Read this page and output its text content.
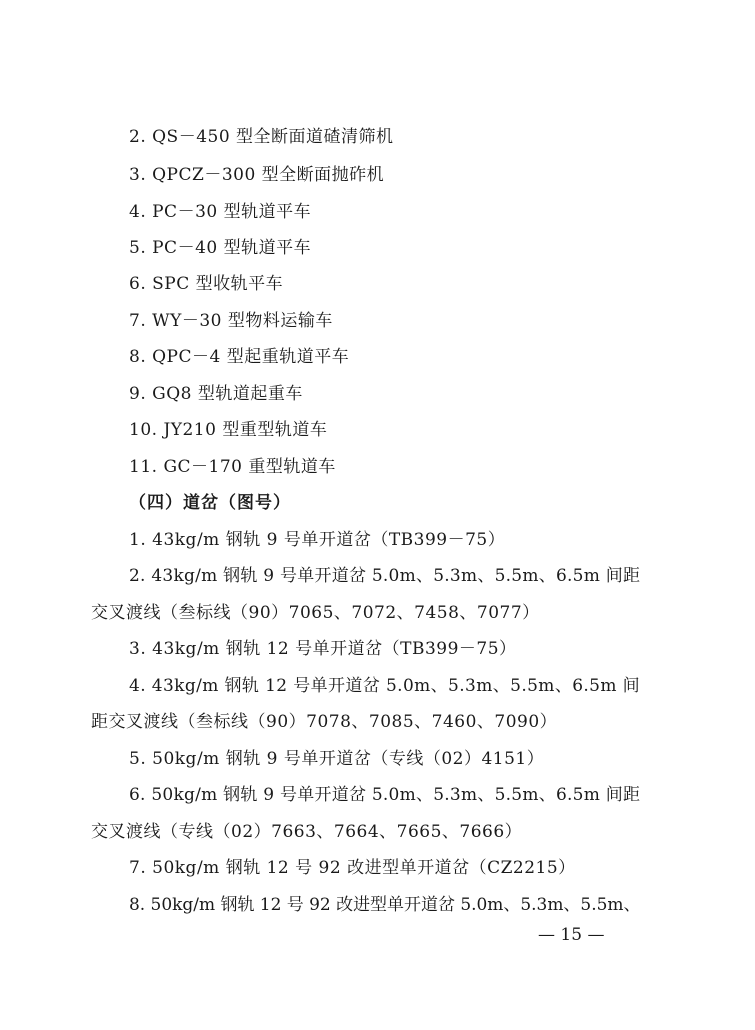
2. QS－450 型全断面道碴清筛机
3. QPCZ－300 型全断面抛砟机
4. PC－30 型轨道平车
5. PC－40 型轨道平车
6. SPC 型收轨平车
7. WY－30 型物料运输车
8. QPC－4 型起重轨道平车
9. GQ8 型轨道起重车
10. JY210 型重型轨道车
11. GC－170 重型轨道车
（四）道岔（图号）
1. 43kg/m 钢轨 9 号单开道岔（TB399－75）
2. 43kg/m 钢轨 9 号单开道岔 5.0m、5.3m、5.5m、6.5m 间距
交叉渡线（叁标线（90）7065、7072、7458、7077）
3. 43kg/m 钢轨 12 号单开道岔（TB399－75）
4. 43kg/m 钢轨 12 号单开道岔 5.0m、5.3m、5.5m、6.5m 间
距交叉渡线（叁标线（90）7078、7085、7460、7090）
5. 50kg/m 钢轨 9 号单开道岔（专线（02）4151）
6. 50kg/m 钢轨 9 号单开道岔 5.0m、5.3m、5.5m、6.5m 间距
交叉渡线（专线（02）7663、7664、7665、7666）
7. 50kg/m 钢轨 12 号 92 改进型单开道岔（CZ2215）
8. 50kg/m 钢轨 12 号 92 改进型单开道岔 5.0m、5.3m、5.5m、
— 15 —
